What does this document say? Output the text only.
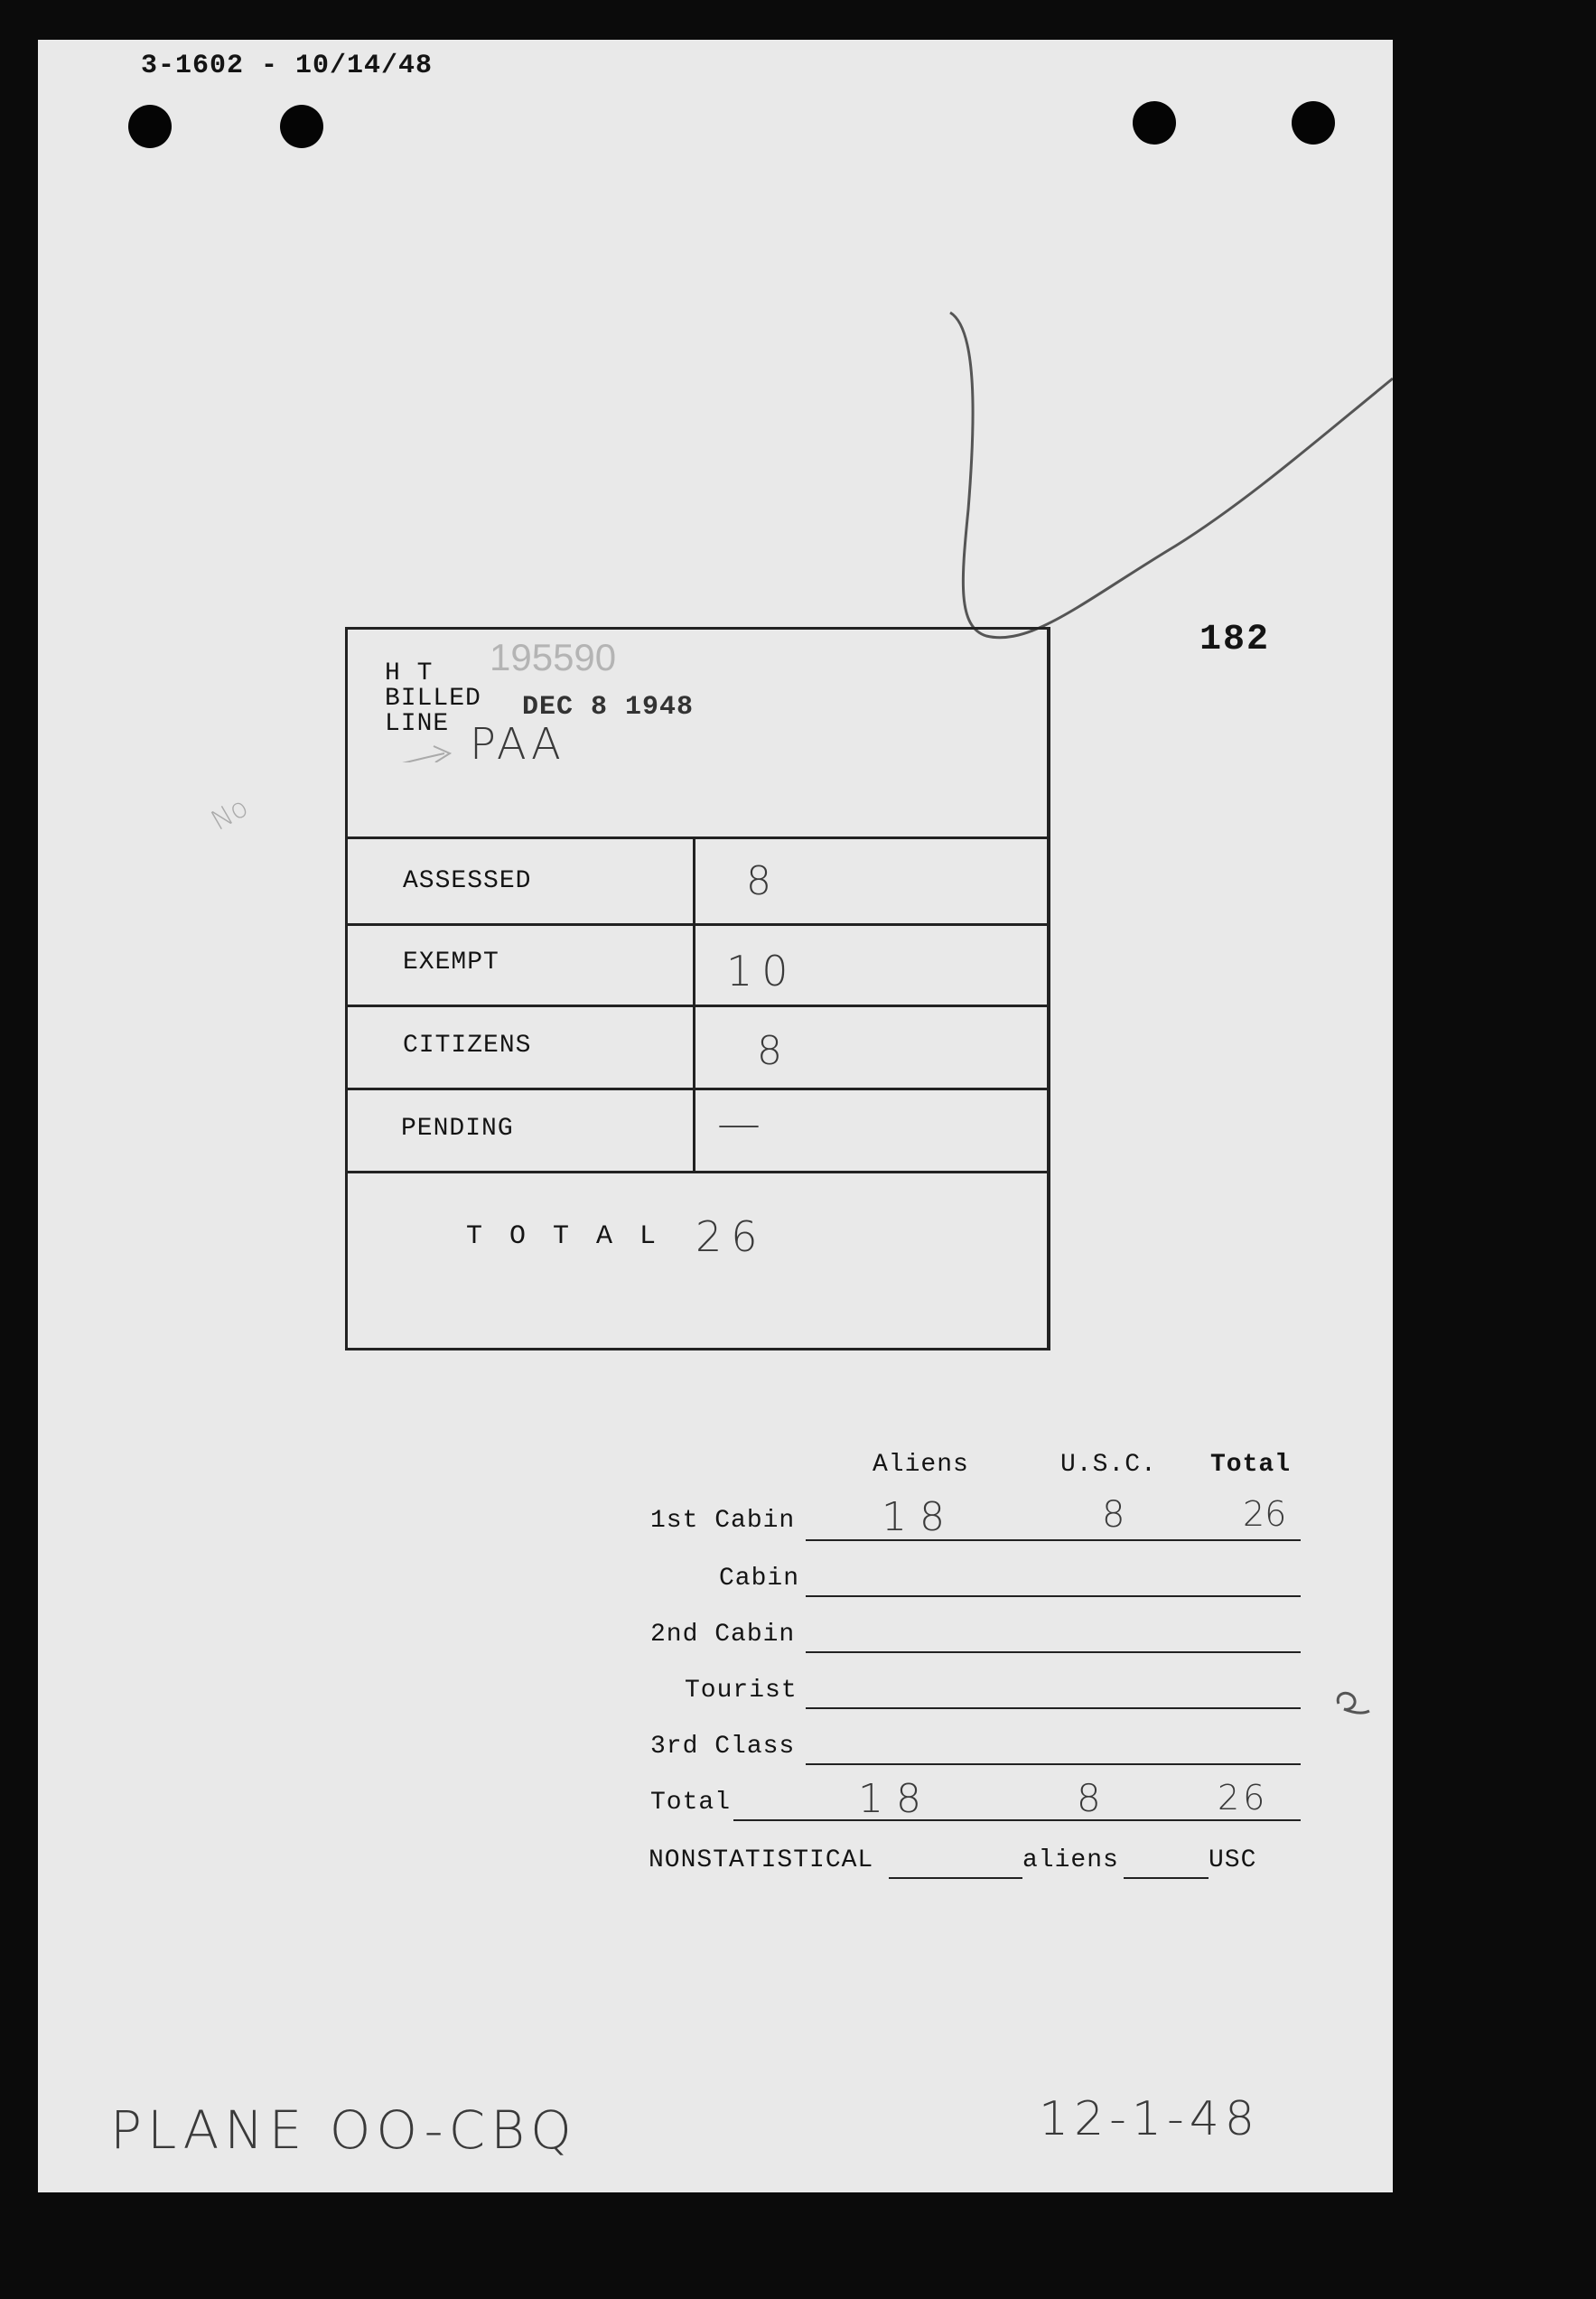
3-1602 - 10/14/48
182
H T
BILLED
LINE
195590
DEC 8 1948
PAA
No
ASSESSED	8
EXEMPT	10
CITIZENS	8
PENDING	—
T O T A L 26
Aliens	U.S.C. Total
1st Cabin 18	8	26
Cabin
2nd Cabin
Tourist
3rd Class
Total	18	8	26
NONSTATISTICAL	aliens	USC
PLANE OO-CBQ	12-1-48
